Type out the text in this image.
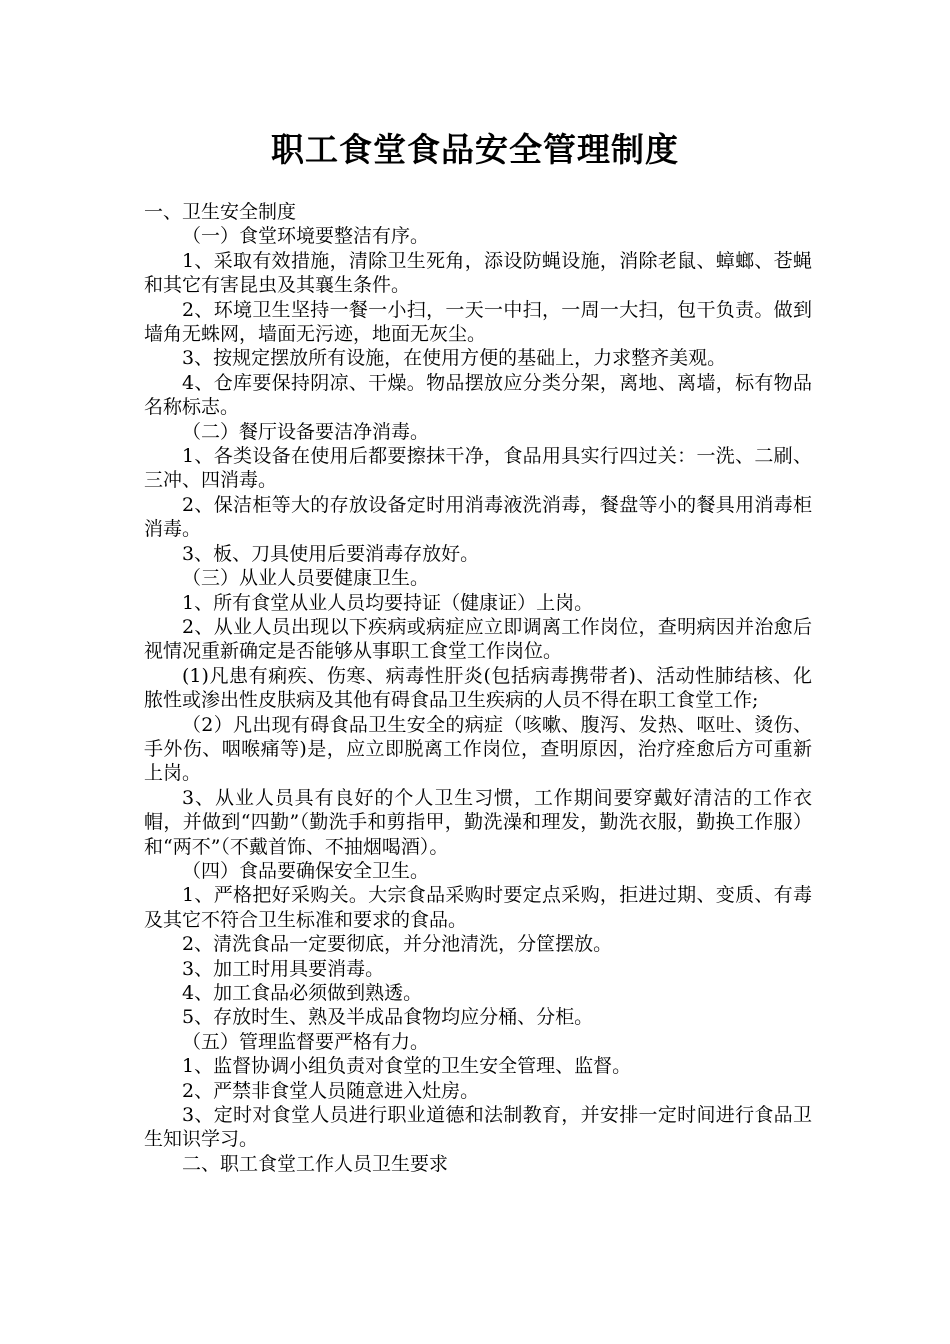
职工食堂食品安全管理制度

一、卫生安全制度

（一）食堂环境要整洁有序。

1、采取有效措施，清除卫生死角，添设防蝇设施，消除老鼠、蟑螂、苍蝇和其它有害昆虫及其襄生条件。

2、环境卫生坚持一餐一小扫，一天一中扫，一周一大扫，包干负责。做到墙角无蛛网，墙面无污迹，地面无灰尘。

3、按规定摆放所有设施，在使用方便的基础上，力求整齐美观。

4、仓库要保持阴凉、干燥。物品摆放应分类分架，离地、离墙，标有物品名称标志。

（二）餐厅设备要洁净消毒。

1、各类设备在使用后都要擦抹干净，食品用具实行四过关：一洗、二刷、三冲、四消毒。

2、保洁柜等大的存放设备定时用消毒液洗消毒，餐盘等小的餐具用消毒柜消毒。

3、板、刀具使用后要消毒存放好。

（三）从业人员要健康卫生。

1、所有食堂从业人员均要持证（健康证）上岗。

2、从业人员出现以下疾病或病症应立即调离工作岗位，查明病因并治愈后视情况重新确定是否能够从事职工食堂工作岗位。

(1)凡患有痢疾、伤寒、病毒性肝炎(包括病毒携带者)、活动性肺结核、化脓性或渗出性皮肤病及其他有碍食品卫生疾病的人员不得在职工食堂工作;

（2）凡出现有碍食品卫生安全的病症（咳嗽、腹泻、发热、呕吐、烫伤、手外伤、咽喉痛等)是，应立即脱离工作岗位，查明原因，治疗痊愈后方可重新上岗。

3、从业人员具有良好的个人卫生习惯，工作期间要穿戴好清洁的工作衣帽，并做到“四勤”（勤洗手和剪指甲，勤洗澡和理发，勤洗衣服，勤换工作服）和“两不”（不戴首饰、不抽烟喝酒）。

（四）食品要确保安全卫生。

1、严格把好采购关。大宗食品采购时要定点采购，拒进过期、变质、有毒及其它不符合卫生标准和要求的食品。

2、清洗食品一定要彻底，并分池清洗，分筐摆放。

3、加工时用具要消毒。

4、加工食品必须做到熟透。

5、存放时生、熟及半成品食物均应分桶、分柜。

（五）管理监督要严格有力。

1、监督协调小组负责对食堂的卫生安全管理、监督。

2、严禁非食堂人员随意进入灶房。

3、定时对食堂人员进行职业道德和法制教育，并安排一定时间进行食品卫生知识学习。

二、职工食堂工作人员卫生要求
